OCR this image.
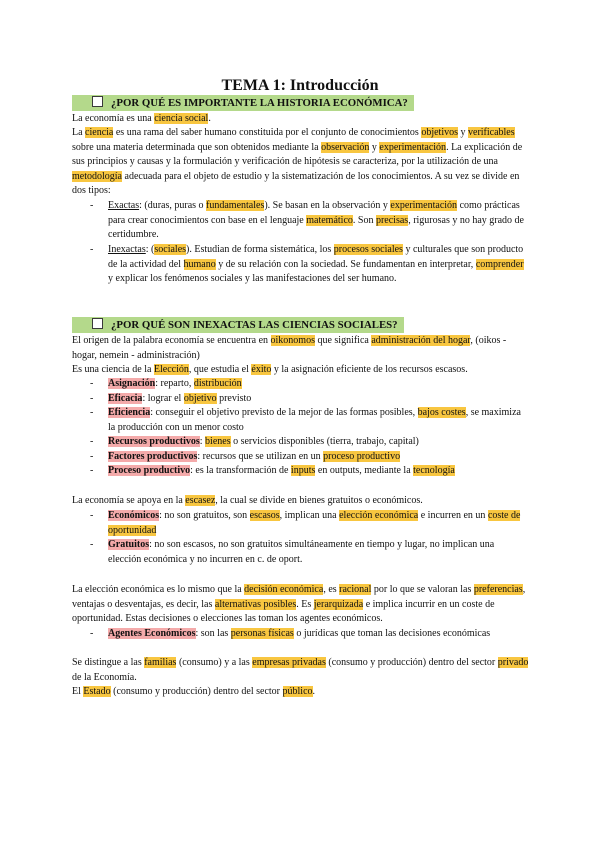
TEMA 1: Introducción
¿POR QUÉ ES IMPORTANTE LA HISTORIA ECONÓMICA?
La economía es una ciencia social.
La ciencia es una rama del saber humano constituida por el conjunto de conocimientos objetivos y verificables sobre una materia determinada que son obtenidos mediante la observación y experimentación. La explicación de sus principios y causas y la formulación y verificación de hipótesis se caracteriza, por la utilización de una metodología adecuada para el objeto de estudio y la sistematización de los conocimientos. A su vez se divide en dos tipos:
- Exactas: (duras, puras o fundamentales). Se basan en la observación y experimentación como prácticas para crear conocimientos con base en el lenguaje matemático. Son precisas, rigurosas y no hay grado de certidumbre.
- Inexactas: (sociales). Estudian de forma sistemática, los procesos sociales y culturales que son producto de la actividad del humano y de su relación con la sociedad. Se fundamentan en interpretar, comprender y explicar los fenómenos sociales y las manifestaciones del ser humano.
¿POR QUÉ SON INEXACTAS LAS CIENCIAS SOCIALES?
El origen de la palabra economía se encuentra en oikonomos que significa administración del hogar, (oikos - hogar, nemein - administración)
Es una ciencia de la Elección, que estudia el éxito y la asignación eficiente de los recursos escasos.
- Asignación: reparto, distribución
- Eficacia: lograr el objetivo previsto
- Eficiencia: conseguir el objetivo previsto de la mejor de las formas posibles, bajos costes, se maximiza la producción con un menor costo
- Recursos productivos: bienes o servicios disponibles (tierra, trabajo, capital)
- Factores productivos: recursos que se utilizan en un proceso productivo
- Proceso productivo: es la transformación de inputs en outputs, mediante la tecnología
La economía se apoya en la escasez, la cual se divide en bienes gratuitos o económicos.
- Económicos: no son gratuitos, son escasos, implican una elección económica e incurren en un coste de oportunidad
- Gratuitos: no son escasos, no son gratuitos simultáneamente en tiempo y lugar, no implican una elección económica y no incurren en c. de oport.
La elección económica es lo mismo que la decisión económica, es racional por lo que se valoran las preferencias, ventajas o desventajas, es decir, las alternativas posibles. Es jerarquizada e implica incurrir en un coste de oportunidad. Estas decisiones o elecciones las toman los agentes económicos.
- Agentes Económicos: son las personas físicas o jurídicas que toman las decisiones económicas
Se distingue a las familias (consumo) y a las empresas privadas (consumo y producción) dentro del sector privado de la Economía.
El Estado (consumo y producción) dentro del sector público.
